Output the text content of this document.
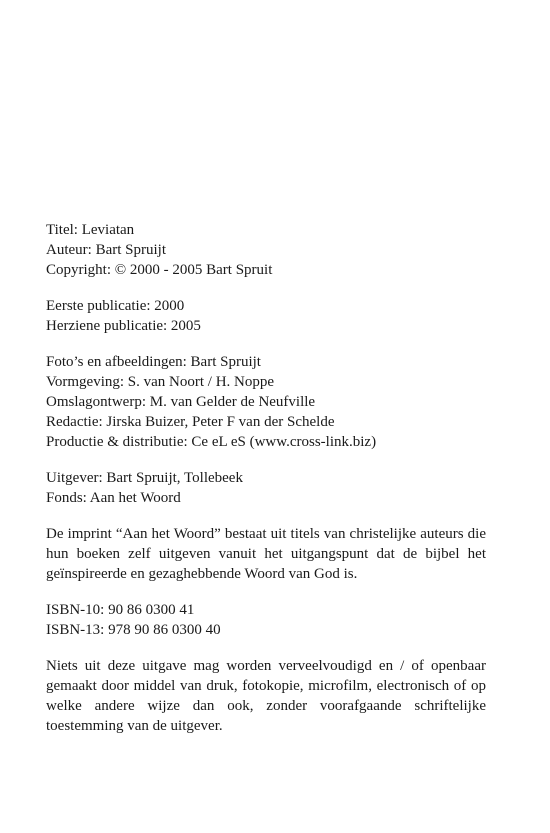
Titel: Leviatan
Auteur: Bart Spruijt
Copyright: © 2000 - 2005 Bart Spruit
Eerste publicatie: 2000
Herziene publicatie: 2005
Foto’s en afbeeldingen: Bart Spruijt
Vormgeving: S. van Noort / H. Noppe
Omslagontwerp: M. van Gelder de Neufville
Redactie: Jirska Buizer, Peter F van der Schelde
Productie & distributie: Ce eL eS (www.cross-link.biz)
Uitgever: Bart Spruijt, Tollebeek
Fonds: Aan het Woord

De imprint “Aan het Woord” bestaat uit titels van christelijke auteurs die hun boeken zelf uitgeven vanuit het uitgangspunt dat de bijbel het geïnspireerde en gezaghebbende Woord van God is.

ISBN-10: 90 86 0300 41
ISBN-13: 978 90 86 0300 40

Niets uit deze uitgave mag worden verveelvoudigd en / of openbaar gemaakt door middel van druk, fotokopie, microfilm, electronisch of op welke andere wijze dan ook, zonder voorafgaande schriftelijke toestemming van de uitgever.
